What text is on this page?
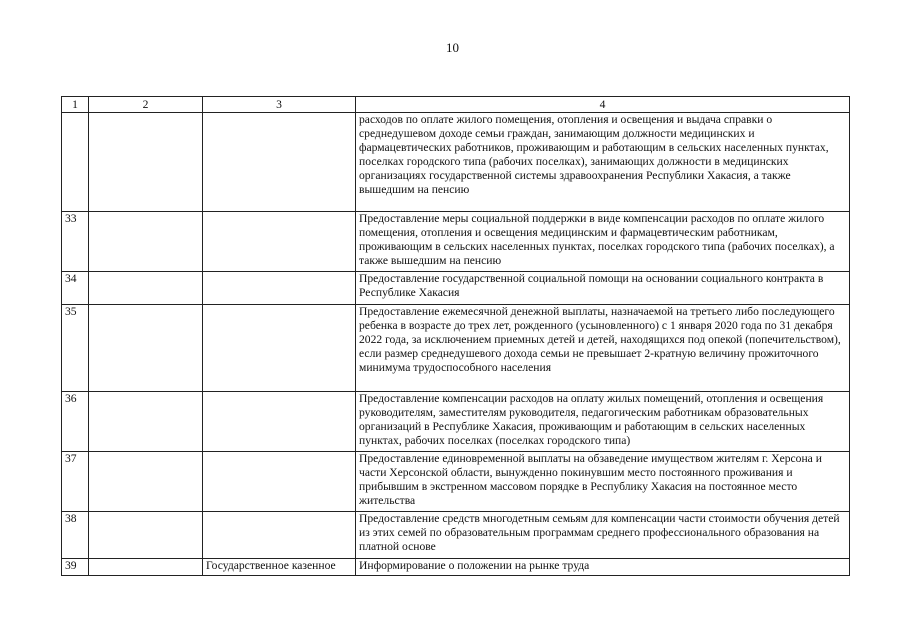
10
1	2	3	4
			расходов по оплате жилого помещения, отопления и освещения и выдача справки о среднедушевом доходе семьи граждан, занимающим должности медицинских и фармацевтических работников, проживающим и работающим в сельских населенных пунктах, поселках городского типа (рабочих поселках), занимающих должности в медицинских организациях государственной системы здравоохранения Республики Хакасия, а также вышедшим на пенсию
33			Предоставление меры социальной поддержки в виде компенсации расходов по оплате жилого помещения, отопления и освещения медицинским и фармацевтическим работникам, проживающим в сельских населенных пунктах, поселках городского типа (рабочих поселках), а также вышедшим на пенсию
34			Предоставление государственной социальной помощи на основании социального контракта в Республике Хакасия
35			Предоставление ежемесячной денежной выплаты, назначаемой на третьего либо последующего ребенка в возрасте до трех лет, рожденного (усыновленного) с 1 января 2020 года по 31 декабря 2022 года, за исключением приемных детей и детей, находящихся под опекой (попечительством), если размер среднедушевого дохода семьи не превышает 2-кратную величину прожиточного минимума трудоспособного населения
36			Предоставление компенсации расходов на оплату жилых помещений, отопления и освещения руководителям, заместителям руководителя, педагогическим работникам образовательных организаций в Республике Хакасия, проживающим и работающим в сельских населенных пунктах, рабочих поселках (поселках городского типа)
37			Предоставление единовременной выплаты на обзаведение имуществом жителям г. Херсона и части Херсонской области, вынужденно покинувшим место постоянного проживания и прибывшим в экстренном массовом порядке в Республику Хакасия на постоянное место жительства
38			Предоставление средств многодетным семьям для компенсации части стоимости обучения детей из этих семей по образовательным программам среднего профессионального образования на платной основе
39		Государственное казенное	Информирование о положении на рынке труда
